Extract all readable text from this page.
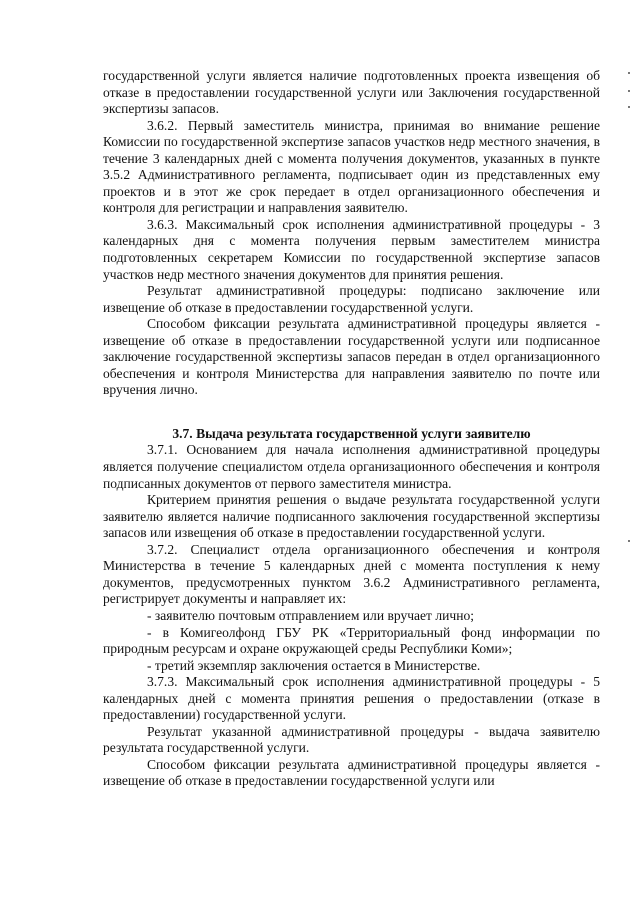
государственной услуги является наличие подготовленных проекта извещения об отказе в предоставлении государственной услуги или Заключения государственной экспертизы запасов.

3.6.2. Первый заместитель министра, принимая во внимание решение Комиссии по государственной экспертизе запасов участков недр местного значения, в течение 3 календарных дней с момента получения документов, указанных в пункте 3.5.2 Административного регламента, подписывает один из представленных ему проектов и в этот же срок передает в отдел организационного обеспечения и контроля для регистрации и направления заявителю.

3.6.3. Максимальный срок исполнения административной процедуры - 3 календарных дня с момента получения первым заместителем министра подготовленных секретарем Комиссии по государственной экспертизе запасов участков недр местного значения документов для принятия решения.

Результат административной процедуры: подписано заключение или извещение об отказе в предоставлении государственной услуги.

Способом фиксации результата административной процедуры является - извещение об отказе в предоставлении государственной услуги или подписанное заключение государственной экспертизы запасов передан в отдел организационного обеспечения и контроля Министерства для направления заявителю по почте или вручения лично.

3.7. Выдача результата государственной услуги заявителю

3.7.1. Основанием для начала исполнения административной процедуры является получение специалистом отдела организационного обеспечения и контроля подписанных документов от первого заместителя министра.

Критерием принятия решения о выдаче результата государственной услуги заявителю является наличие подписанного заключения государственной экспертизы запасов или извещения об отказе в предоставлении государственной услуги.

3.7.2. Специалист отдела организационного обеспечения и контроля Министерства в течение 5 календарных дней с момента поступления к нему документов, предусмотренных пунктом 3.6.2 Административного регламента, регистрирует документы и направляет их:

- заявителю почтовым отправлением или вручает лично;

- в Комигеолфонд ГБУ РК «Территориальный фонд информации по природным ресурсам и охране окружающей среды Республики Коми»;

- третий экземпляр заключения остается в Министерстве.

3.7.3. Максимальный срок исполнения административной процедуры - 5 календарных дней с момента принятия решения о предоставлении (отказе в предоставлении) государственной услуги.

Результат указанной административной процедуры - выдача заявителю результата государственной услуги.

Способом фиксации результата административной процедуры является - извещение об отказе в предоставлении государственной услуги или
